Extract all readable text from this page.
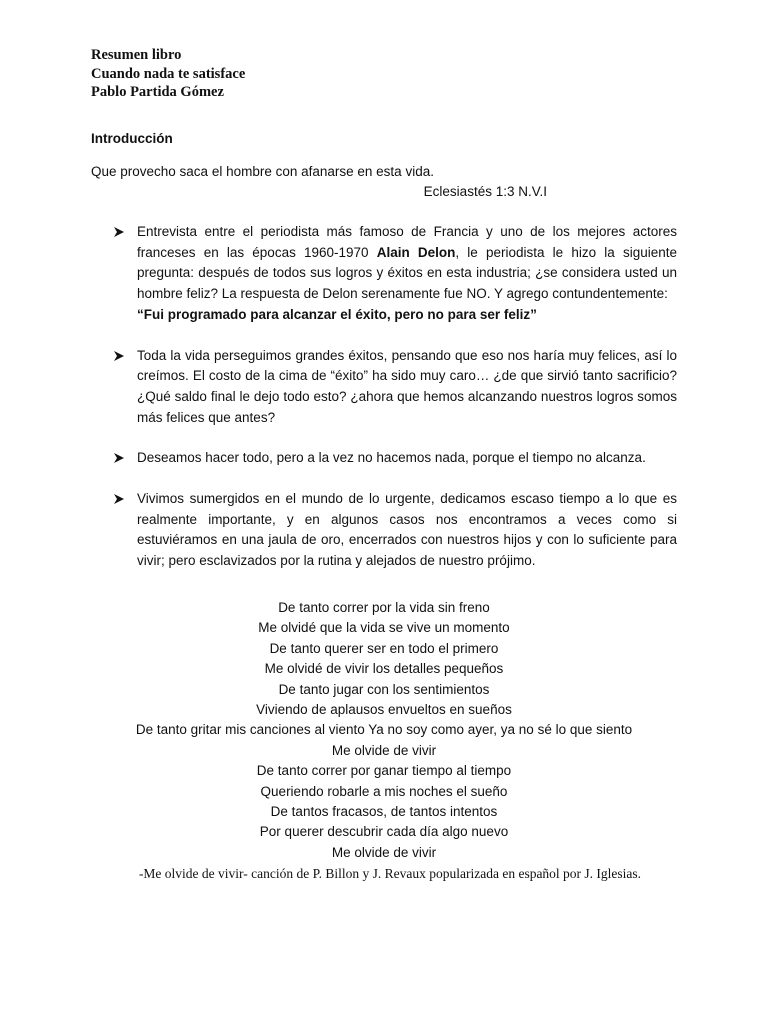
Resumen libro
Cuando nada te satisface
Pablo Partida Gómez
Introducción
Que provecho saca el hombre con afanarse en esta vida.
Eclesiastés 1:3 N.V.I

Entrevista entre el periodista más famoso de Francia y uno de los mejores actores franceses en las épocas 1960-1970 Alain Delon, le periodista le hizo la siguiente pregunta: después de todos sus logros y éxitos en esta industria; ¿se considera usted un hombre feliz? La respuesta de Delon serenamente fue NO. Y agrego contundentemente:

“Fui programado para alcanzar el éxito, pero no para ser feliz”

Toda la vida perseguimos grandes éxitos, pensando que eso nos haría muy felices, así lo creímos. El costo de la cima de “éxito” ha sido muy caro… ¿de que sirvió tanto sacrificio? ¿Qué saldo final le dejo todo esto? ¿ahora que hemos alcanzando nuestros logros somos más felices que antes?

Deseamos hacer todo, pero a la vez no hacemos nada, porque el tiempo no alcanza.

Vivimos sumergidos en el mundo de lo urgente, dedicamos escaso tiempo a lo que es realmente importante, y en algunos casos nos encontramos a veces como si estuviéramos en una jaula de oro, encerrados con nuestros hijos y con lo suficiente para vivir; pero esclavizados por la rutina y alejados de nuestro prójimo.

De tanto correr por la vida sin freno
Me olvidé que la vida se vive un momento
De tanto querer ser en todo el primero
Me olvidé de vivir los detalles pequeños
De tanto jugar con los sentimientos
Viviendo de aplausos envueltos en sueños
De tanto gritar mis canciones al viento Ya no soy como ayer, ya no sé lo que siento
Me olvide de vivir
De tanto correr por ganar tiempo al tiempo
Queriendo robarle a mis noches el sueño
De tantos fracasos, de tantos intentos
Por querer descubrir cada día algo nuevo
Me olvide de vivir
-Me olvide de vivir- canción de P. Billon y J. Revaux popularizada en español por J. Iglesias.
